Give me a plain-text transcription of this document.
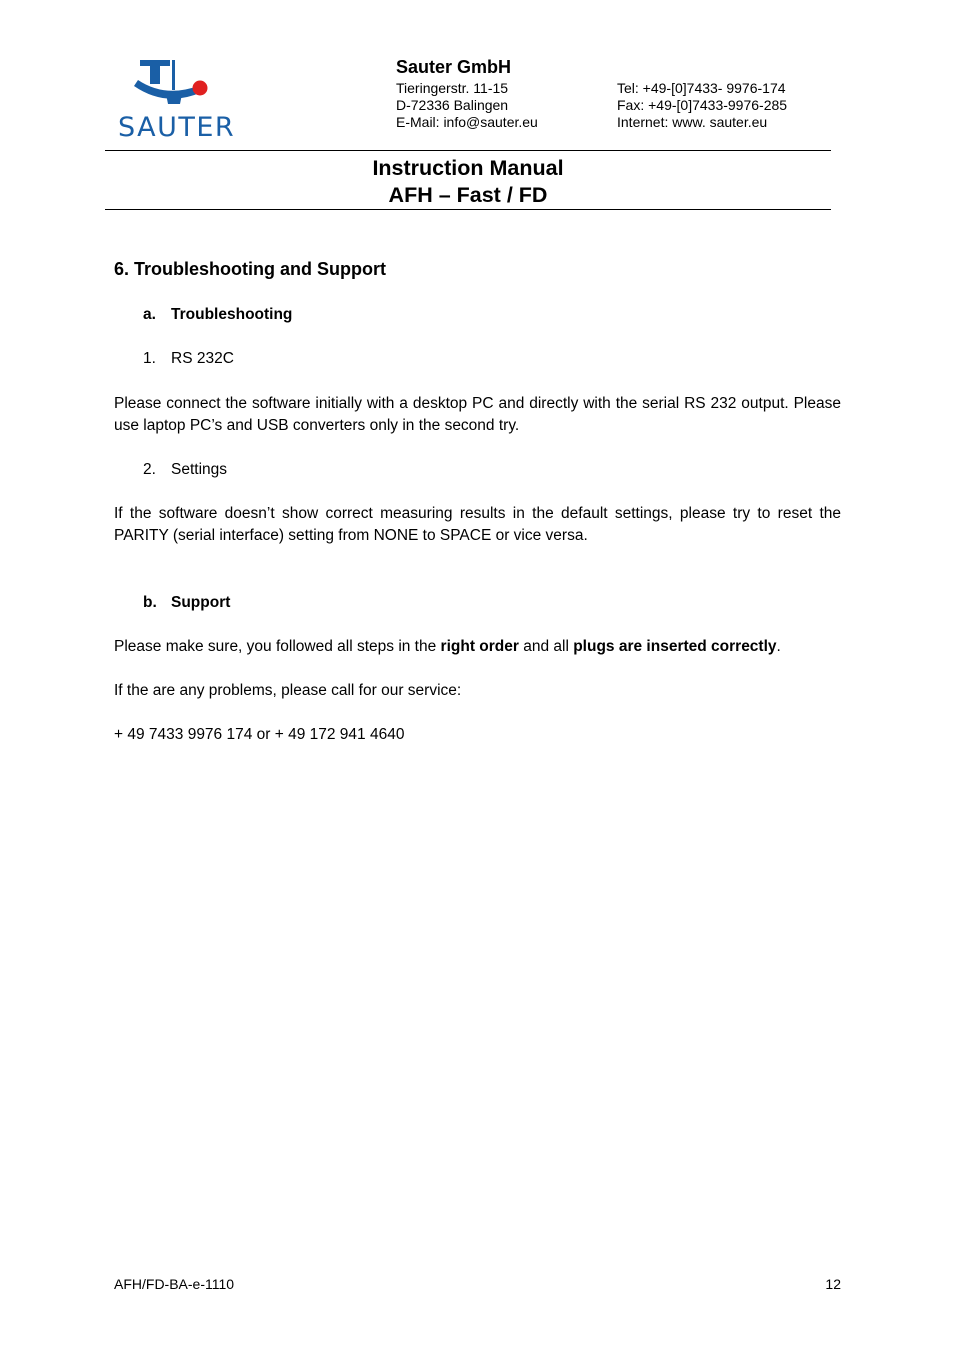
SAUTER
Sauter GmbH
Tieringerstr. 11-15
D-72336 Balingen
E-Mail: info@sauter.eu
Tel: +49-[0]7433- 9976-174
Fax: +49-[0]7433-9976-285
Internet: www. sauter.eu
Instruction Manual
AFH – Fast / FD
6. Troubleshooting and Support
a. Troubleshooting
1. RS 232C
Please connect the software initially with a desktop PC and directly with the serial RS 232 output. Please use laptop PC’s and USB converters only in the second try.
2. Settings
If the software doesn’t show correct measuring results in the default settings, please try to reset the PARITY (serial interface) setting from NONE to SPACE or vice versa.
b. Support
Please make sure, you followed all steps in the right order and all plugs are inserted correctly.
If the are any problems, please call for our service:
+ 49 7433 9976 174 or + 49 172 941 4640
AFH/FD-BA-e-1110	12
